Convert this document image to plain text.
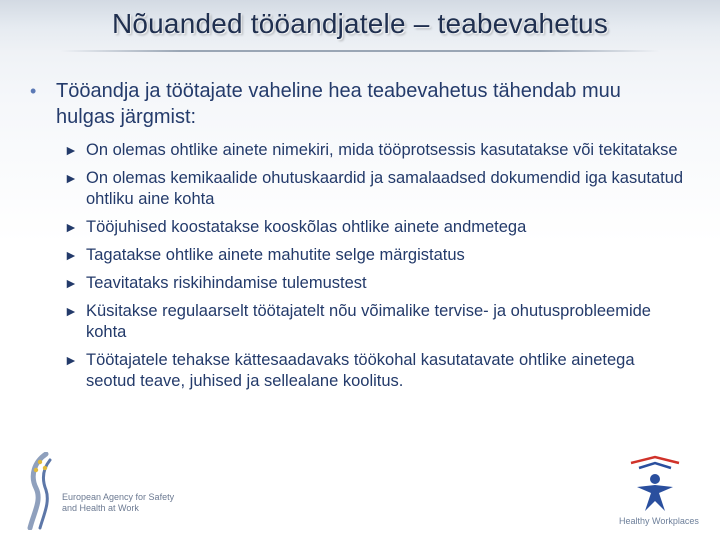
Nõuanded tööandjatele – teabevahetus
• Tööandja ja töötajate vaheline hea teabevahetus tähendab muu hulgas järgmist:
► On olemas ohtlike ainete nimekiri, mida tööprotsessis kasutatakse või tekitatakse
► On olemas kemikaalide ohutuskaardid ja samalaadsed dokumendid iga kasutatud ohtliku aine kohta
► Tööjuhised koostatakse kooskõlas ohtlike ainete andmetega
► Tagatakse ohtlike ainete mahutite selge märgistatus
► Teavitataks riskihindamise tulemustest
► Küsitakse regulaarselt töötajatelt nõu võimalike tervise- ja ohutusprobleemide kohta
► Töötajatele tehakse kättesaadavaks töökohal kasutatavate ohtlike ainetega seotud teave, juhised ja sellealane koolitus.
European Agency for Safety and Health at Work
Healthy Workplaces
